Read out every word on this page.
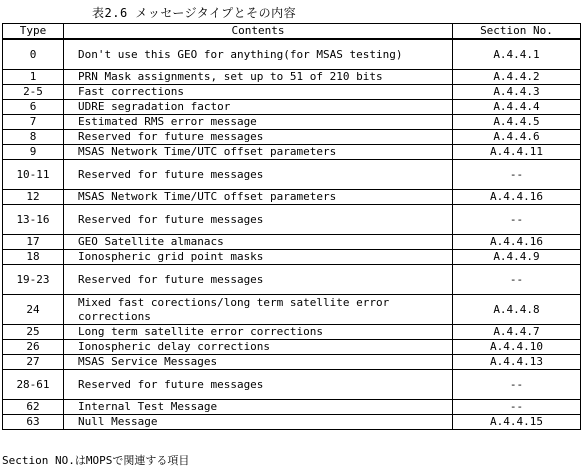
表2.6 メッセージタイプとその内容
Type	Contents	Section No.
0	Don't use this GEO for anything(for MSAS testing)	A.4.4.1
1	PRN Mask assignments, set up to 51 of 210 bits	A.4.4.2
2-5	Fast corrections	A.4.4.3
6	UDRE segradation factor	A.4.4.4
7	Estimated RMS error message	A.4.4.5
8	Reserved for future messages	A.4.4.6
9	MSAS Network Time/UTC offset parameters	A.4.4.11
10-11	Reserved for future messages	--
12	MSAS Network Time/UTC offset parameters	A.4.4.16
13-16	Reserved for future messages	--
17	GEO Satellite almanacs	A.4.4.16
18	Ionospheric grid point masks	A.4.4.9
19-23	Reserved for future messages	--
24	Mixed fast corections/long term satellite error corrections	A.4.4.8
25	Long term satellite error corrections	A.4.4.7
26	Ionospheric delay corrections	A.4.4.10
27	MSAS Service Messages	A.4.4.13
28-61	Reserved for future messages	--
62	Internal Test Message	--
63	Null Message	A.4.4.15
Section NO.はMOPSで関連する項目
